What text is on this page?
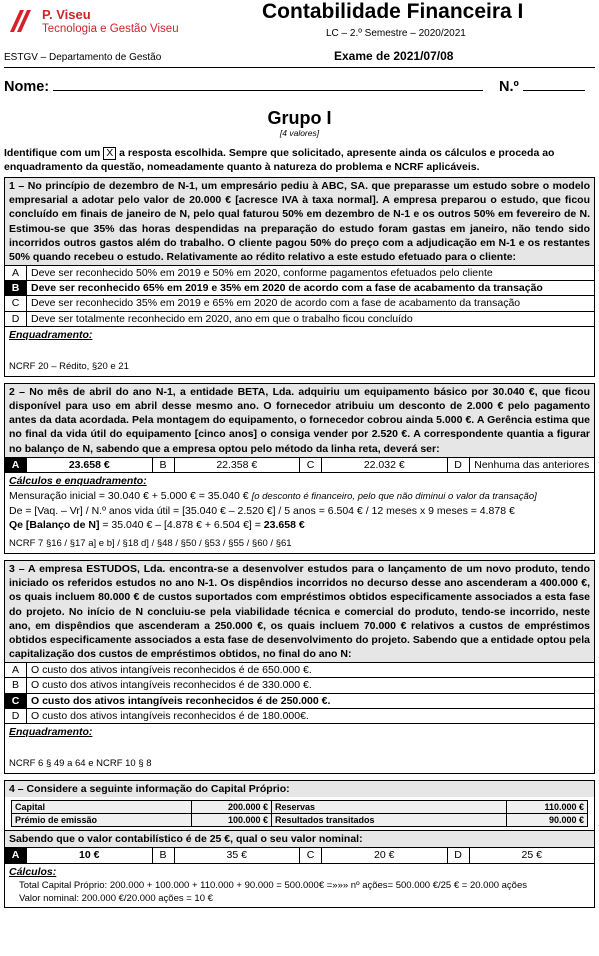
P. Viseu
Tecnologia e Gestão Viseu
Contabilidade Financeira I
LC – 2.º Semestre – 2020/2021
ESTGV – Departamento de Gestão	Exame de 2021/07/08
Nome:	N.º
Grupo I
[4 valores]
Identifique com um X a resposta escolhida. Sempre que solicitado, apresente ainda os cálculos e proceda ao enquadramento da questão, nomeadamente quanto à natureza do problema e NCRF aplicáveis.
1 – No princípio de dezembro de N-1, um empresário pediu à ABC, SA. que preparasse um estudo sobre o modelo empresarial a adotar pelo valor de 20.000 € [acresce IVA à taxa normal]. A empresa preparou o estudo, que ficou concluído em finais de janeiro de N, pelo qual faturou 50% em dezembro de N-1 e os outros 50% em fevereiro de N. Estimou-se que 35% das horas despendidas na preparação do estudo foram gastas em janeiro, não tendo sido incorridos outros gastos além do trabalho. O cliente pagou 50% do preço com a adjudicação em N-1 e os restantes 50% quando recebeu o estudo. Relativamente ao rédito relativo a este estudo efetuado para o cliente:
A	Deve ser reconhecido 50% em 2019 e 50% em 2020, conforme pagamentos efetuados pelo cliente
B	Deve ser reconhecido 65% em 2019 e 35% em 2020 de acordo com a fase de acabamento da transação
C	Deve ser reconhecido 35% em 2019 e 65% em 2020 de acordo com a fase de acabamento da transação
D	Deve ser totalmente reconhecido em 2020, ano em que o trabalho ficou concluído
Enquadramento:
NCRF 20 – Rédito, §20 e 21
2 – No mês de abril do ano N-1, a entidade BETA, Lda. adquiriu um equipamento básico por 30.040 €, que ficou disponível para uso em abril desse mesmo ano. O fornecedor atribuiu um desconto de 2.000 € pelo pagamento antes da data acordada. Pela montagem do equipamento, o fornecedor cobrou ainda 5.000 €. A Gerência estima que no final da vida útil do equipamento [cinco anos] o consiga vender por 2.520 €. A correspondente quantia a figurar no balanço de N, sabendo que a empresa optou pelo método da linha reta, deverá ser:
A	23.658 €	B	22.358 €	C	22.032 €	D	Nenhuma das anteriores
Cálculos e enquadramento:
Mensuração inicial = 30.040 € + 5.000 € = 35.040 € [o desconto é financeiro, pelo que não diminui o valor da transação]
De = [Vaq. – Vr] / N.º anos vida útil = [35.040 € – 2.520 €] / 5 anos = 6.504 € / 12 meses x 9 meses = 4.878 €
Qe [Balanço de N] = 35.040 € – [4.878 € + 6.504 €] = 23.658 €
NCRF 7 §16 / §17 a] e b] / §18 d] / §48 / §50 / §53 / §55 / §60 / §61
3 – A empresa ESTUDOS, Lda. encontra-se a desenvolver estudos para o lançamento de um novo produto, tendo iniciado os referidos estudos no ano N-1. Os dispêndios incorridos no decurso desse ano ascenderam a 400.000 €, os quais incluem 80.000 € de custos suportados com empréstimos obtidos especificamente associados a esta fase do projeto. No início de N concluiu-se pela viabilidade técnica e comercial do produto, tendo-se incorrido, neste ano, em dispêndios que ascenderam a 250.000 €, os quais incluem 70.000 € relativos a custos de empréstimos obtidos especificamente associados a esta fase de desenvolvimento do projeto. Sabendo que a entidade optou pela capitalização dos custos de empréstimos obtidos, no final do ano N:
A	O custo dos ativos intangíveis reconhecidos é de 650.000 €.
B	O custo dos ativos intangíveis reconhecidos é de 330.000 €.
C	O custo dos ativos intangíveis reconhecidos é de 250.000 €.
D	O custo dos ativos intangíveis reconhecidos é de 180.000€.
Enquadramento:
NCRF 6 § 49 a 64 e NCRF 10 § 8
4 – Considere a seguinte informação do Capital Próprio:
Capital	200.000 € Reservas	110.000 €
Prémio de emissão	100.000 € Resultados transitados	90.000 €
Sabendo que o valor contabilístico é de 25 €, qual o seu valor nominal:
A	10 €	B	35 €	C	20 €	D	25 €
Cálculos:
Total Capital Próprio: 200.000 + 100.000 + 110.000 + 90.000 = 500.000€ =»»» nº ações= 500.000 €/25 € = 20.000 ações
Valor nominal: 200.000 €/20.000 ações = 10 €
